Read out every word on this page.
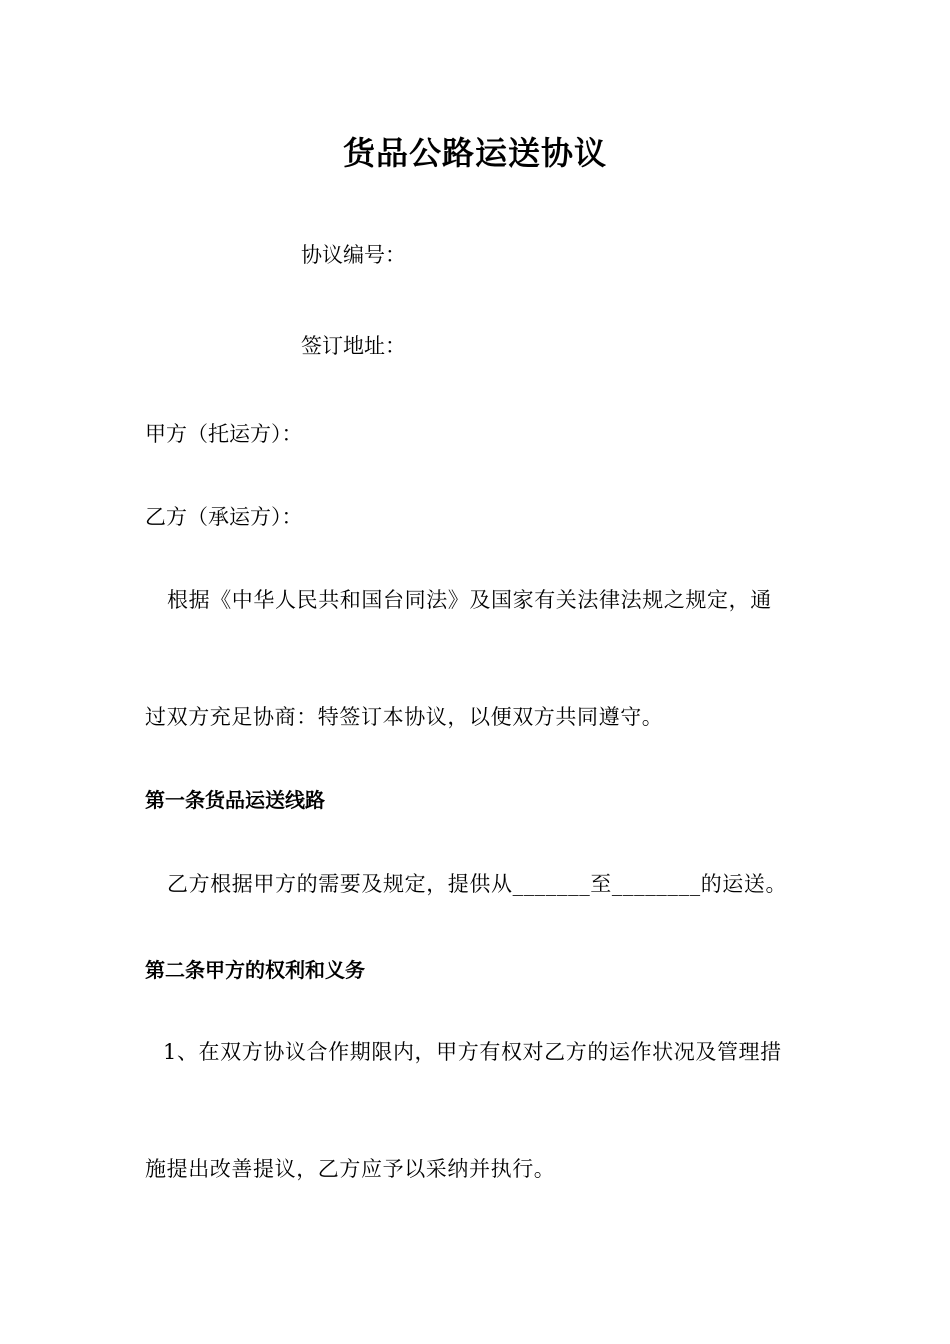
货品公路运送协议
协议编号：
签订地址：
甲方（托运方）：
乙方（承运方）：
根据《中华人民共和国台同法》及国家有关法律法规之规定，通
过双方充足协商：特签订本协议，以便双方共同遵守。
第一条货品运送线路
乙方根据甲方的需要及规定，提供从_______至________的运送。
第二条甲方的权利和义务
1、在双方协议合作期限内，甲方有权对乙方的运作状况及管理措
施提出改善提议，乙方应予以采纳并执行。
